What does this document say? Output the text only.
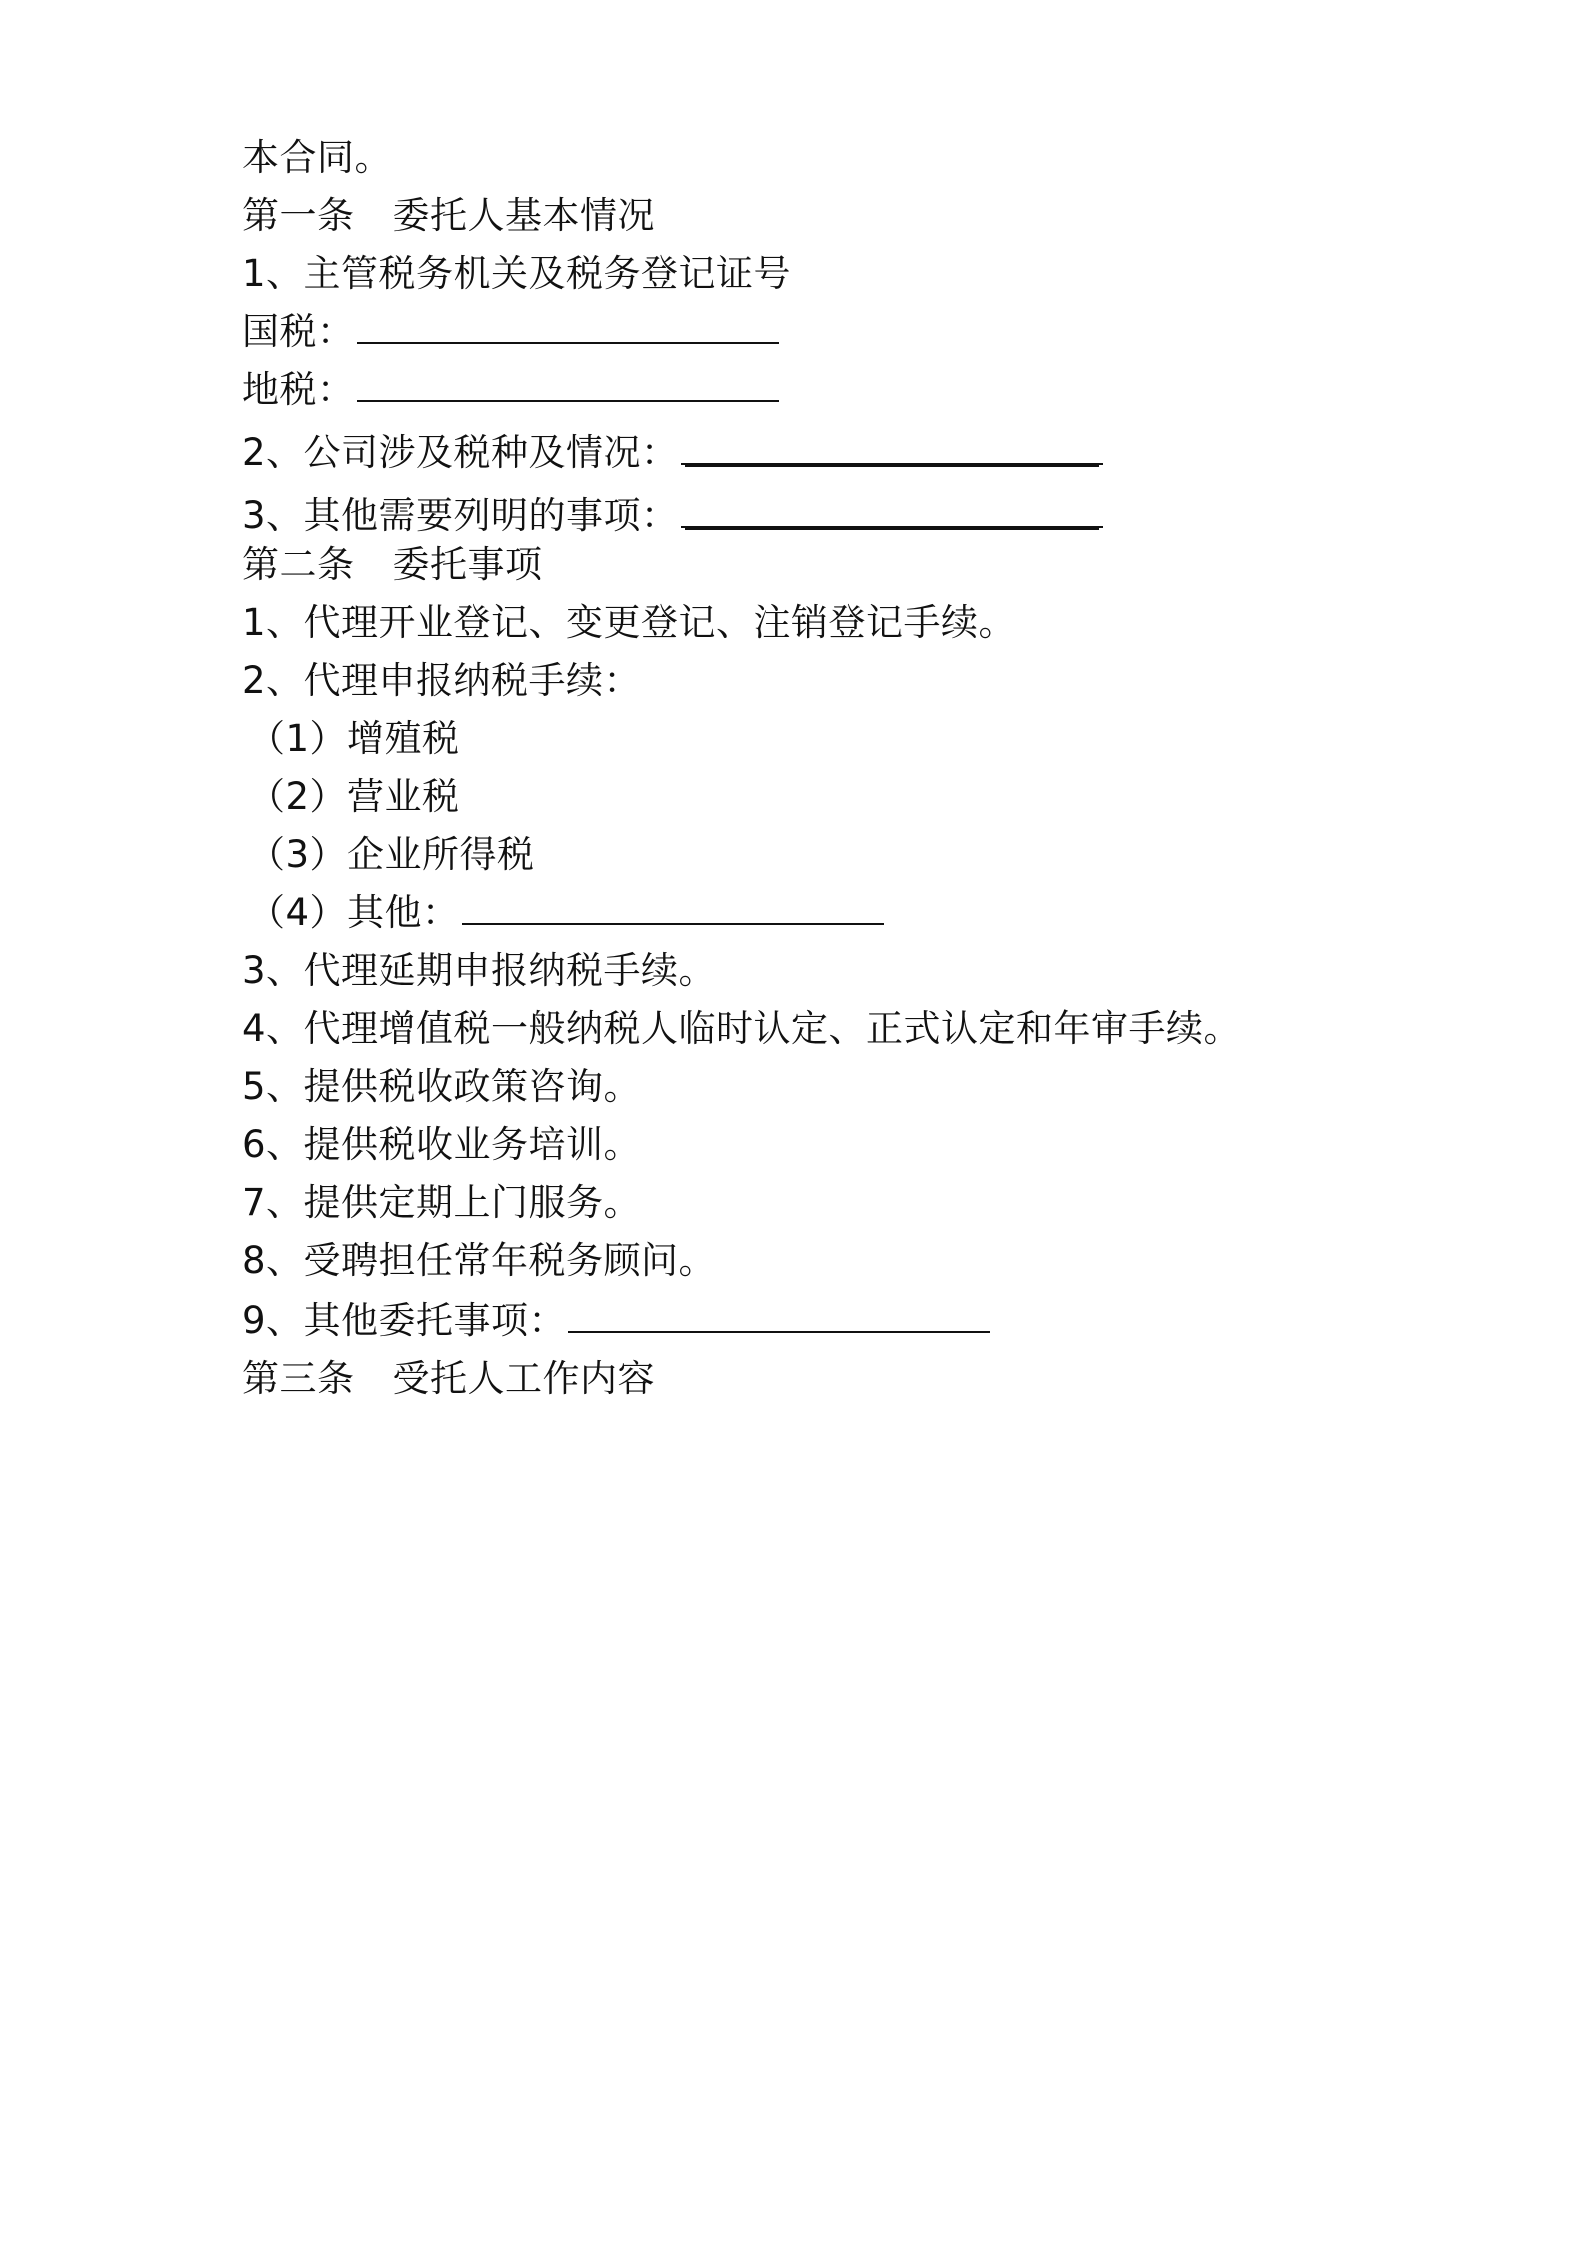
本合同。
第一条 委托人基本情况
1、主管税务机关及税务登记证号
国税：
地税：
2、公司涉及税种及情况：
3、其他需要列明的事项：
第二条 委托事项
1、代理开业登记、变更登记、注销登记手续。
2、代理申报纳税手续：
（1）增殖税
（2）营业税
（3）企业所得税
（4）其他：
3、代理延期申报纳税手续。
4、代理增值税一般纳税人临时认定、正式认定和年审手续。
5、提供税收政策咨询。
6、提供税收业务培训。
7、提供定期上门服务。
8、受聘担任常年税务顾问。
9、其他委托事项：
第三条 受托人工作内容
